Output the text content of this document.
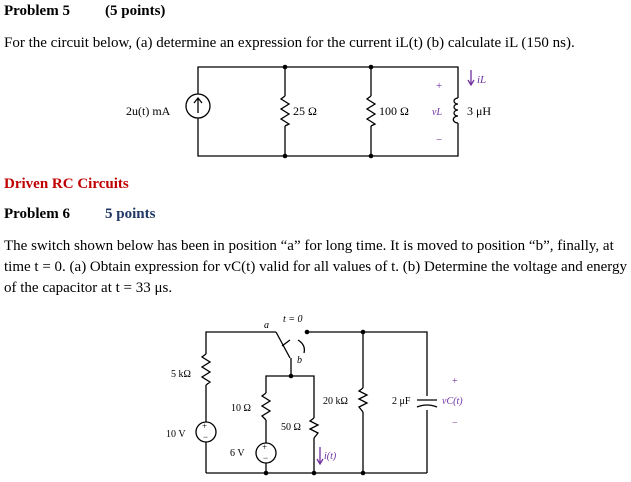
Problem 5 (5 points)
For the circuit below, (a) determine an expression for the current iL(t) (b) calculate iL (150 ns).
2u(t) mA	25 Ω	100 Ω	3 μH
vL
iL
+
−
+
−
+
−
t = 0
a
b
5 kΩ
10 V
10 Ω
6 V
50 Ω
i(t)
20 kΩ	2 μF	vC(t)
+
−
Driven RC Circuits
Problem 6 5 points
The switch shown below has been in position “a” for long time. It is moved to position “b”, finally, at time t = 0. (a) Obtain expression for vC(t) valid for all values of t. (b) Determine the voltage and energy of the capacitor at t = 33 μs.
